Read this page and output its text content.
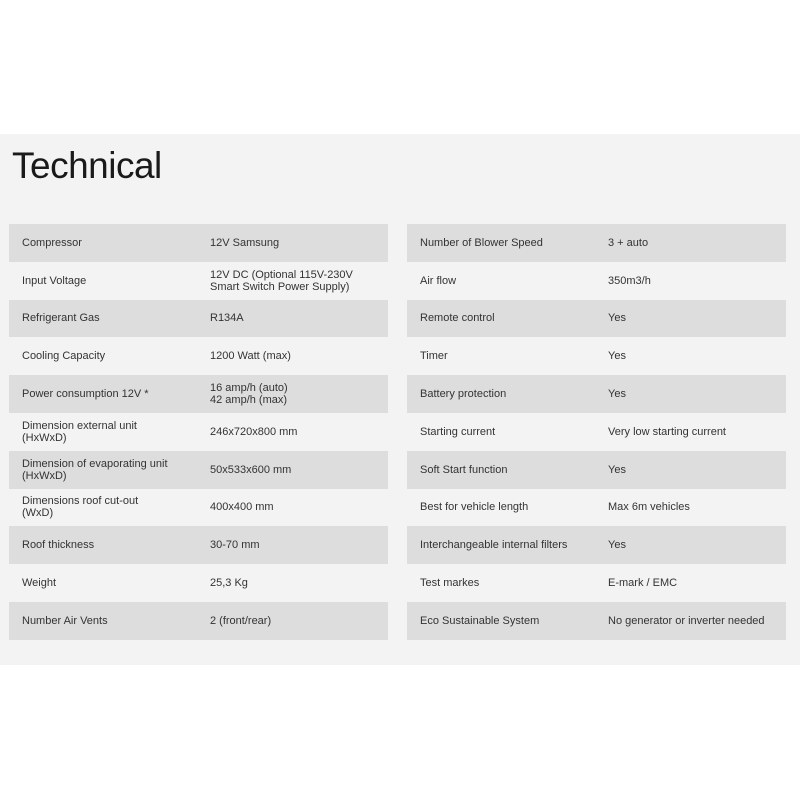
Technical
Compressor	12V Samsung
Input Voltage	12V DC (Optional 115V-230V
Smart Switch Power Supply)
Refrigerant Gas	R134A
Cooling Capacity	1200 Watt (max)
Power consumption 12V *	16 amp/h (auto)
42 amp/h (max)
Dimension external unit
(HxWxD)	246x720x800 mm
Dimension of evaporating unit
(HxWxD)	50x533x600 mm
Dimensions roof cut-out
(WxD)	400x400 mm
Roof thickness	30-70 mm
Weight	25,3 Kg
Number Air Vents	2 (front/rear)
Number of Blower Speed	3 + auto
Air flow	350m3/h
Remote control	Yes
Timer	Yes
Battery protection	Yes
Starting current	Very low starting current
Soft Start function	Yes
Best for vehicle length	Max 6m vehicles
Interchangeable internal filters	Yes
Test markes	E-mark / EMC
Eco Sustainable System	No generator or inverter needed
